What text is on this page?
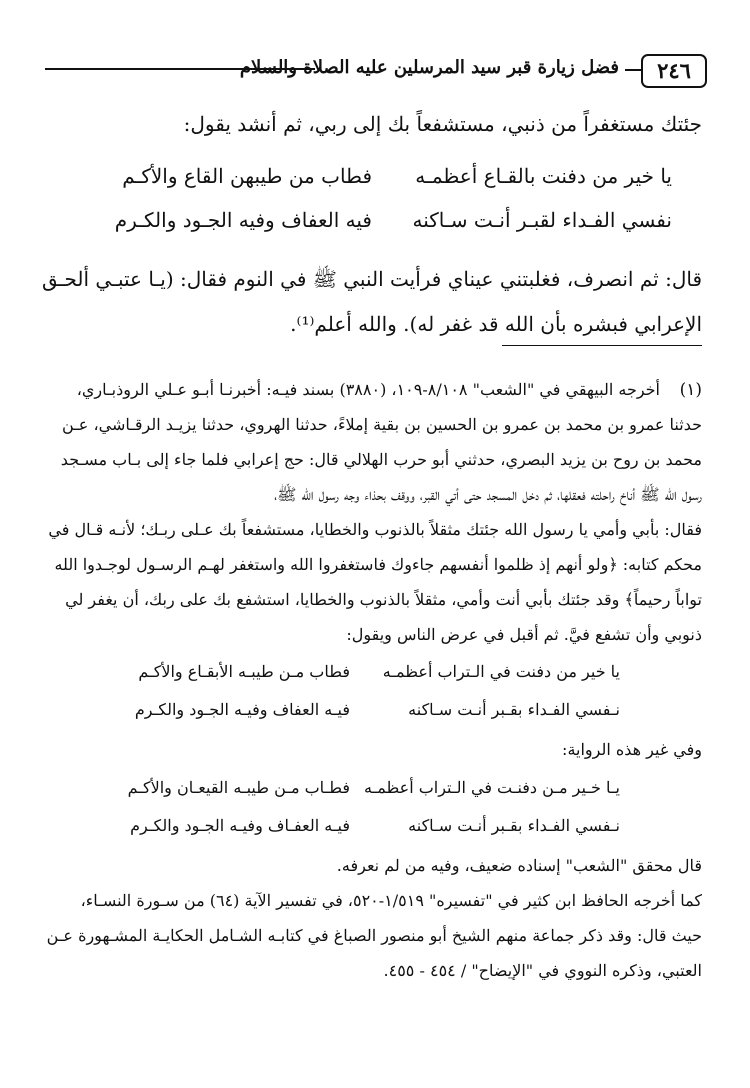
٢٤٦
فضل زيارة قبر سيد المرسلين عليه الصلاة والسلام
جئتك مستغفراً من ذنبي، مستشفعاً بك إلى ربي، ثم أنشد يقول:
يا خير من دفنت بالقـاع أعظمـه
فطاب من طيبهن القاع والأكـم
نفسي الفـداء لقبـر أنـت سـاكنه
فيه العفاف وفيه الجـود والكـرم
قال: ثم انصرف، فغلبتني عيناي فرأيت النبي ﷺ في النوم فقال: (يـا عتبـي ألحـق
الإعرابي فبشره بأن الله قد غفر له). والله أعلم⁽¹⁾.
(١)
أخرجه البيهقي في "الشعب" ٨/١٠٨-١٠٩، (٣٨٨٠) بسند فيـه: أخبرنـا أبـو عـلي الروذبـاري،
حدثنا عمرو بن محمد بن عمرو بن الحسين بن بقية إملاءً، حدثنا الهروي، حدثنا يزيـد الرقـاشي، عـن
محمد بن روح بن يزيد البصري، حدثني أبو حرب الهلالي قال: حج إعرابي فلما جاء إلى بـاب مسـجد
رسول الله ﷺ أناخ راحلته فعقلها، ثم دخل المسجد حتى أتي القبر، ووقف بحذاء وجه رسول الله ﷺ،
فقال: بأبي وأمي يا رسول الله جئتك مثقلاً بالذنوب والخطايا، مستشفعاً بك عـلى ربـك؛ لأنـه قـال في
محكم كتابه: ﴿ولو أنهم إذ ظلموا أنفسهم جاءوك فاستغفروا الله واستغفر لهـم الرسـول لوجـدوا الله
تواباً رحيماً﴾ وقد جئتك بأبي أنت وأمي، مثقلاً بالذنوب والخطايا، استشفع بك على ربك، أن يغفر لي
ذنوبي وأن تشفع فيَّ. ثم أقبل في عرض الناس ويقول:
يا خير من دفنت في الـتراب أعظمـه
فطاب مـن طيبـه الأبقـاع والأكـم
نـفسي الفـداء بقـبر أنـت سـاكنه
فيـه العفاف وفيـه الجـود والكـرم
وفي غير هذه الرواية:
يـا خـير مـن دفنـت في الـتراب أعظمـه
فطـاب مـن طيبـه القيعـان والأكـم
نـفسي الفـداء بقـبر أنـت سـاكنه
فيـه العفـاف وفيـه الجـود والكـرم
قال محقق "الشعب" إسناده ضعيف، وفيه من لم نعرفه.
كما أخرجه الحافظ ابن كثير في "تفسيره" ١/٥١٩-٥٢٠، في تفسير الآية (٦٤) من سـورة النسـاء،
حيث قال: وقد ذكر جماعة منهم الشيخ أبو منصور الصباغ في كتابـه الشـامل الحكايـة المشـهورة عـن
العتبي، وذكره النووي في "الإيضاح" / ٤٥٤ - ٤٥٥.
